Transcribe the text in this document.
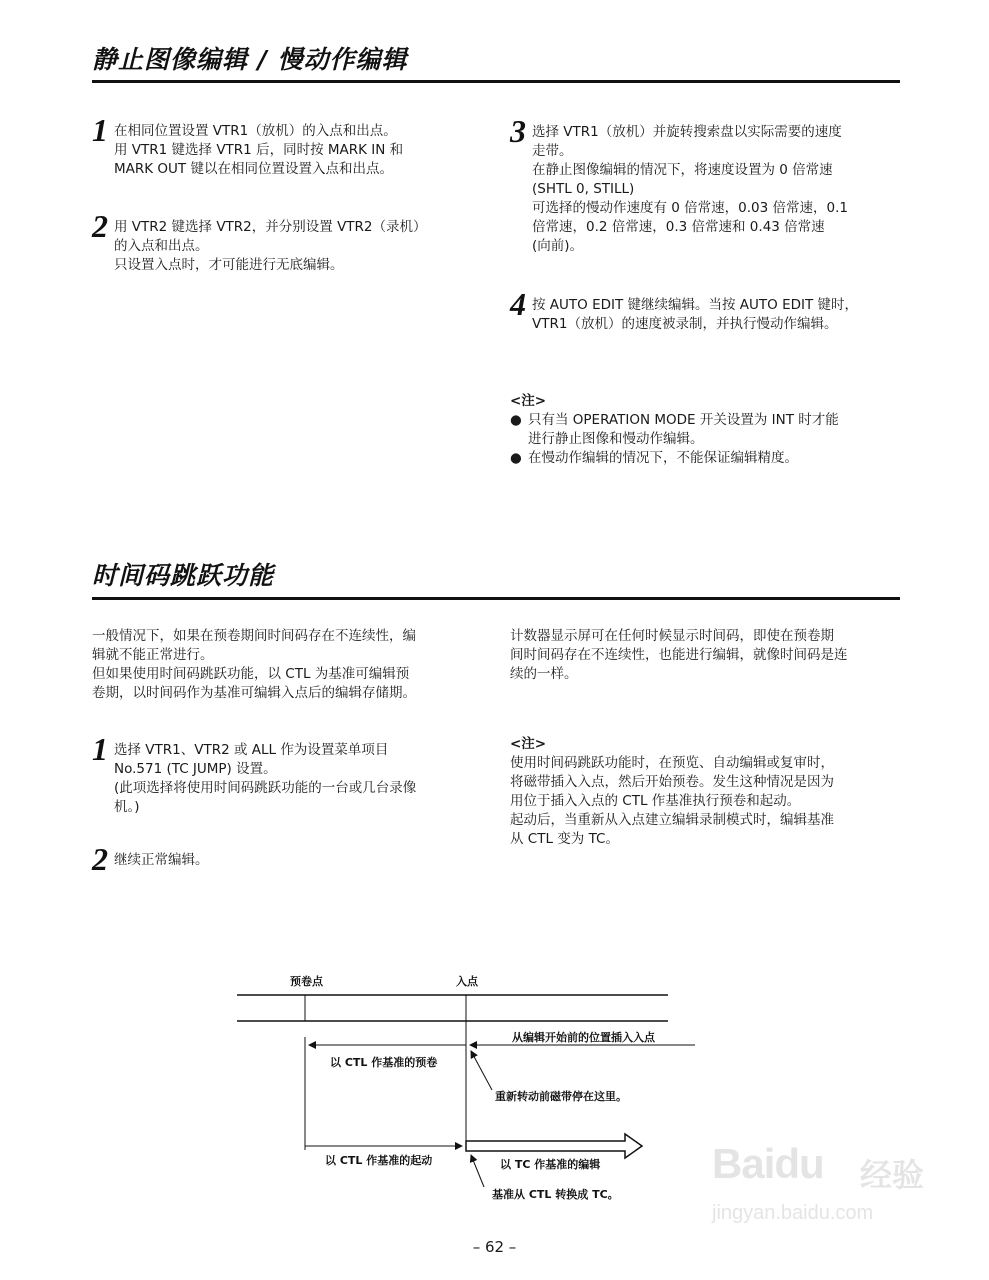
静止图像编辑 / 慢动作编辑
1 在相同位置设置 VTR1（放机）的入点和出点。

用 VTR1 键选择 VTR1 后，同时按 MARK IN 和

MARK OUT 键以在相同位置设置入点和出点。

2 用 VTR2 键选择 VTR2，并分别设置 VTR2（录机）

的入点和出点。

只设置入点时，才可能进行无底编辑。

3 选择 VTR1（放机）并旋转搜索盘以实际需要的速度

走带。

在静止图像编辑的情况下，将速度设置为 0 倍常速

(SHTL 0, STILL)

可选择的慢动作速度有 0 倍常速，0.03 倍常速，0.1

倍常速，0.2 倍常速，0.3 倍常速和 0.43 倍常速

(向前)。

4 按 AUTO EDIT 键继续编辑。当按 AUTO EDIT 键时，

VTR1（放机）的速度被录制，并执行慢动作编辑。

<注>

● 只有当 OPERATION MODE 开关设置为 INT 时才能

进行静止图像和慢动作编辑。

● 在慢动作编辑的情况下，不能保证编辑精度。

时间码跳跃功能

一般情况下，如果在预卷期间时间码存在不连续性，编

辑就不能正常进行。

但如果使用时间码跳跃功能，以 CTL 为基准可编辑预

卷期，以时间码作为基准可编辑入点后的编辑存储期。

计数器显示屏可在任何时候显示时间码，即使在预卷期

间时间码存在不连续性，也能进行编辑，就像时间码是连

续的一样。

1 选择 VTR1、VTR2 或 ALL 作为设置菜单项目

No.571 (TC JUMP) 设置。

(此项选择将使用时间码跳跃功能的一台或几台录像

机。)

2 继续正常编辑。

<注>

使用时间码跳跃功能时，在预览、自动编辑或复审时，

将磁带插入入点，然后开始预卷。发生这种情况是因为

用位于插入入点的 CTL 作基准执行预卷和起动。

起动后，当重新从入点建立编辑录制模式时，编辑基准

从 CTL 变为 TC。

预卷点	入点
从编辑开始前的位置插入入点
以 CTL 作基准的预卷
重新转动前磁带停在这里。
以 CTL 作基准的起动	以 TC 作基准的编辑
基准从 CTL 转换成 TC。
– 62 –
Baidu 经验
jingyan.baidu.com
